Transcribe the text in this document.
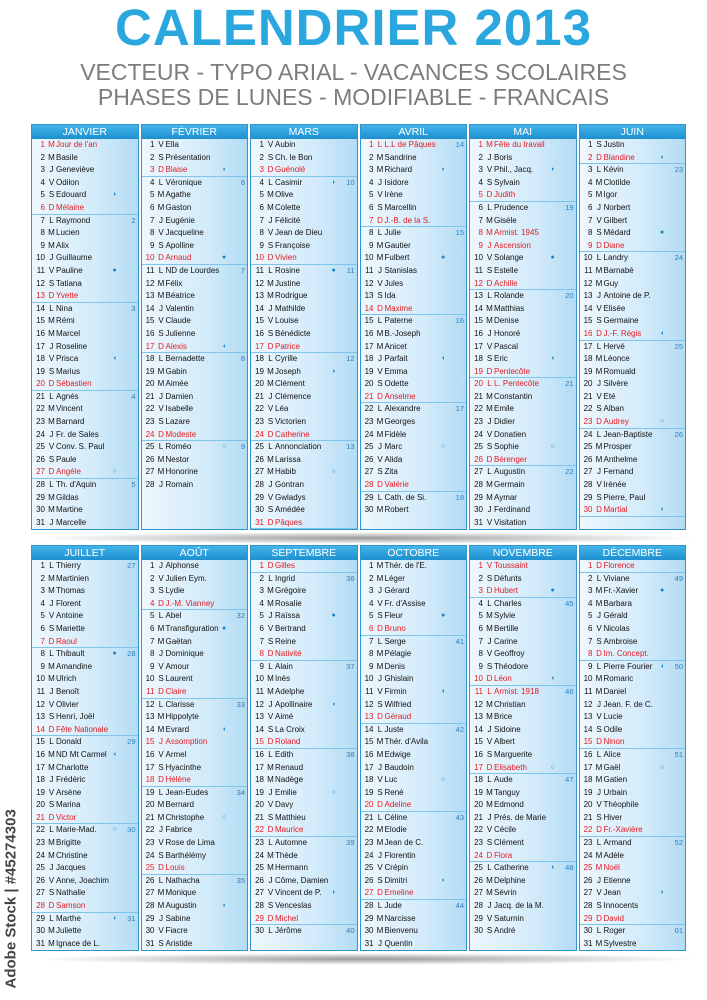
CALENDRIER 2013
VECTEUR - TYPO ARIAL - VACANCES SCOLAIRES
PHASES DE LUNES - MODIFIABLE - FRANCAIS
JANVIER
1 MJour de l'an
2 MBasile
3 J Geneviève
4 V Odilon
5 S Edouard	◗
6 D Mélaine
7 L Raymond	2
8 MLucien
9 MAlix
10 J Guillaume
11 V Pauline	●
12 S Tatiana
13 D Yvette
14 L Nina	3
15 MRémi
16 MMarcel
17 J Roseline
18 V Prisca	◖
19 S Marius
20 D Sébastien
21 L Agnès	4
22 MVincent
23 MBarnard
24 J Fr. de Sales
25 V Conv. S. Paul
26 S Paule
27 D Angèle	○
28 L Th. d'Aquin	5
29 MGildas
30 MMartine
31 J Marcelle
FÉVRIER
1 V Ella
2 S Présentation
3 D Blaise	◗
4 L Véronique	6
5 MAgathe
6 MGaston
7 J Eugénie
8 V Jacqueline
9 S Apolline
10 D Arnaud	●
11 L ND de Lourdes	7
12 MFélix
13 MBéatrice
14 J Valentin
15 V Claude
16 S Julienne
17 D Alexis	◖
18 L Bernadette	8
19 MGabin
20 MAimée
21 J Damien
22 V Isabelle
23 S Lazare
24 D Modeste
25 L Roméo	○	9
26 MNestor
27 MHonorine
28 J Romain
MARS
1 V Aubin
2 S Ch. le Bon
3 D Guénolé
4 L Casimir	◗	10
5 MOlive
6 MColette
7 J Félicité
8 V Jean de Dieu
9 S Françoise
10 D Vivien
11 L Rosine	●	11
12 MJustine
13 MRodrigue
14 J Mathilde
15 V Louise
16 S Bénédicte
17 D Patrice
18 L Cyrille	12
19 MJoseph	◖
20 MClément
21 J Clémence
22 V Léa
23 S Victorien
24 D Catherine
25 L Annonciation	13
26 MLarissa
27 MHabib	○
28 J Gontran
29 V Gwladys
30 S Amédée
31 D Pâques
AVRIL
1 L L.L de Pâques	14
2 MSandrine
3 MRichard	◗
4 J Isidore
5 V Irène
6 S Marcellin
7 D J.-B. de la S.
8 L Julie	15
9 MGautier
10 MFulbert	●
11 J Stanislas
12 V Jules
13 S Ida
14 D Maxime
15 L Paterne	16
16 MB.-Joseph
17 MAnicet
18 J Parfait	◖
19 V Emma
20 S Odette
21 D Anselme
22 L Alexandre	17
23 MGeorges
24 MFidèle
25 J Marc	○
26 V Alida
27 S Zita
28 D Valérie
29 L Cath. de Si.	18
30 MRobert
MAI
1 MFête du travail
2 J Boris
3 V Phil., Jacq. ◗
4 S Sylvain
5 D Judith
6 L Prudence	19
7 MGisèle
8 MArmist. 1945
9 J Ascension
10 V Solange	●
11 S Estelle
12 D Achille
13 L Rolande	20
14 MMatthias
15 MDenise
16 J Honoré
17 V Pascal
18 S Eric	◖
19 D Pentecôte
20 L L. Pentecôte	21
21 MConstantin
22 MEmile
23 J Didier
24 V Donatien
25 S Sophie	○
26 D Bérenger
27 L Augustin	22
28 MGermain
29 MAymar
30 J Ferdinand
31 V Visitation
JUIN
1 S Justin
2 D Blandine	◗
3 L Kévin	23
4 MClotilde
5 MIgor
6 J Norbert
7 V Gilbert
8 S Médard	●
9 D Diane
10 L Landry	24
11 MBarnabé
12 MGuy
13 J Antoine de P.
14 V Elisée
15 S Germaine
16 D J.-F. Régis	◖
17 L Hervé	25
18 MLéonce
19 MRomuald
20 J Silvère
21 V Eté
22 S Alban
23 D Audrey	○
24 L Jean-Baptiste	26
25 MProsper
26 MAnthelme
27 J Fernand
28 V Irénée
29 S Pierre, Paul
30 D Martial	◗
JUILLET
1 L Thierry	27
2 MMartinien
3 MThomas
4 J Florent
5 V Antoine
6 S Mariette
7 D Raoul
8 L Thibault	●	28
9 MAmandine
10 MUlrich
11 J Benoît
12 V Olivier
13 S Henri, Joël
14 D Fête Nationale
15 L Donald	29
16 MND Mt Carmel ◖
17 MCharlotte
18 J Frédéric
19 V Arsène
20 S Marina
21 D Victor
22 L Marie-Mad. ○	30
23 MBrigitte
24 MChristine
25 J Jacques
26 V Anne, Joachim
27 S Nathalie
28 D Samson
29 L Marthe	◗	31
30 MJuliette
31 MIgnace de L.
AOÛT
1 J Alphonse
2 V Julien Eym.
3 S Lydie
4 D J.-M. Vianney
5 L Abel	32
6 MTransfiguration ●
7 MGaëtan
8 J Dominique
9 V Amour
10 S Laurent
11 D Claire
12 L Clarisse	33
13 MHippolyte
14 MEvrard	◖
15 J Assomption
16 V Armel
17 S Hyacinthe
18 D Hélène
19 L Jean-Eudes	34
20 MBernard
21 MChristophe	○
22 J Fabrice
23 V Rose de Lima
24 S Barthélémy
25 D Louis
26 L Nathacha	35
27 MMonique
28 MAugustin	◗
29 J Sabine
30 V Fiacre
31 S Aristide
SEPTEMBRE
1 D Gilles
2 L Ingrid	36
3 MGrégoire
4 MRosalie
5 J Raïssa	●
6 V Bertrand
7 S Reine
8 D Nativité
9 L Alain	37
10 MInès
11 MAdelphe
12 J Apollinaire	◖
13 V Aimé
14 S La Croix
15 D Roland
16 L Edith	38
17 MRenaud
18 MNadège
19 J Emilie	○
20 V Davy
21 S Matthieu
22 D Maurice
23 L Automne	39
24 MThède
25 MHermann
26 J Côme, Damien
27 V Vincent de P. ◗
28 S Venceslas
29 D Michel
30 L Jérôme	40
OCTOBRE
1 MThér. de l'E.
2 MLéger
3 J Gérard
4 V Fr. d'Assise
5 S Fleur	●
6 D Bruno
7 L Serge	41
8 MPélagie
9 MDenis
10 J Ghislain
11 V Firmin	◖
12 S Wilfried
13 D Géraud
14 L Juste	42
15 MThér. d'Avila
16 MEdwige
17 J Baudoin
18 V Luc	○
19 S René
20 D Adeline
21 L Céline	43
22 MElodie
23 MJean de C.
24 J Florentin
25 V Crépin
26 S Dimitri	◗
27 D Emeline
28 L Jude	44
29 MNarcisse
30 MBienvenu
31 J Quentin
NOVEMBRE
1 V Toussaint
2 S Défunts
3 D Hubert	●
4 L Charles	45
5 MSylvie
6 MBertille
7 J Carine
8 V Geoffroy
9 S Théodore
10 D Léon	◖
11 L Armist. 1918	46
12 MChristian
13 MBrice
14 J Sidoine
15 V Albert
16 S Marguerite
17 D Elisabeth	○
18 L Aude	47
19 MTanguy
20 MEdmond
21 J Prés. de Marie
22 V Cécile
23 S Clément
24 D Flora
25 L Catherine	◗	48
26 MDelphine
27 MSévrin
28 J Jacq. de la M.
29 V Saturnin
30 S André
DÉCEMBRE
1 D Florence
2 L Viviane	49
3 MFr.-Xavier	●
4 MBarbara
5 J Gérald
6 V Nicolas
7 S Ambroise
8 D Im. Concept.
9 L Pierre Fourier ◖	50
10 MRomaric
11 MDaniel
12 J Jean. F. de C.
13 V Lucie
14 S Odile
15 D Ninon
16 L Alice	51
17 MGaël	○
18 MGatien
19 J Urbain
20 V Théophile
21 S Hiver
22 D Fr.-Xavière
23 L Armand	52
24 MAdèle
25 MNoël
26 J Etienne
27 V Jean	◗
28 S Innocents
29 D David
30 L Roger	01
31 MSylvestre
Adobe Stock | #45274303
